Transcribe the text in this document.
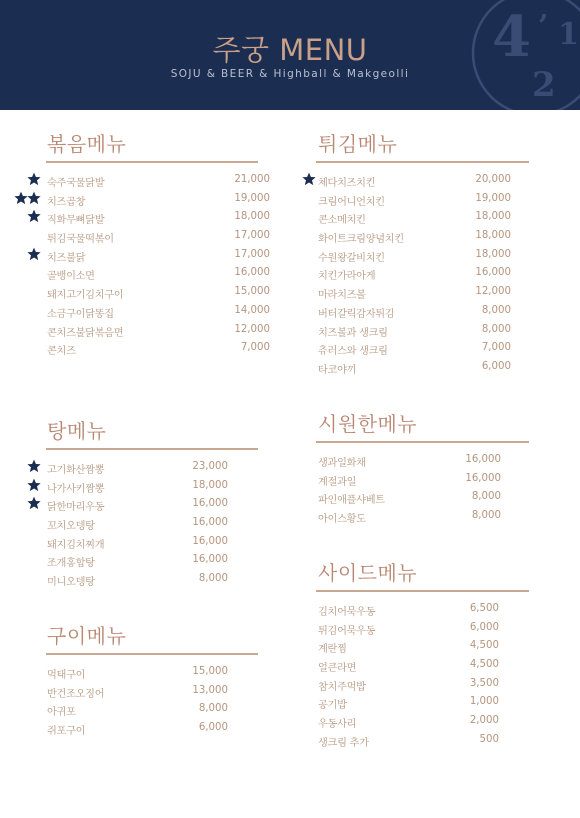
4 ’ 1
2
주궁 MENU
SOJU & BEER & Highball & Makgeolli
볶음메뉴
숙주국물닭발	21,000
치즈곱창	19,000
직화무뼈닭발	18,000
튀김국물떡볶이	17,000
치즈불닭	17,000
골뱅이소면	16,000
돼지고기김치구이	15,000
소금구이닭똥집	14,000
콘치즈불닭볶음면	12,000
콘치즈	7,000
튀김메뉴
체다치즈치킨	20,000
크림어니언치킨	19,000
콘소메치킨	18,000
화이트크림양념치킨	18,000
수원왕갈비치킨	18,000
치킨가라아게	16,000
마라치즈볼	12,000
버터갈릭감자튀김	8,000
치즈볼과 생크림	8,000
츄러스와 생크림	7,000
타코야끼	6,000
탕메뉴
고기화산짬뽕	23,000
나가사키짬뽕	18,000
닭한마리우동	16,000
꼬치오뎅탕	16,000
돼지김치찌개	16,000
조개홍합탕	16,000
미니오뎅탕	8,000
시원한메뉴
생과일화채	16,000
계절과일	16,000
파인애플샤베트	8,000
아이스황도	8,000
사이드메뉴
김치어묵우동	6,500
튀김어묵우동	6,000
계란찜	4,500
얼큰라면	4,500
참치주먹밥	3,500
공기밥	1,000
우동사리	2,000
생크림 추가	500
구이메뉴
먹태구이	15,000
반건조오징어	13,000
아귀포	8,000
쥐포구이	6,000
